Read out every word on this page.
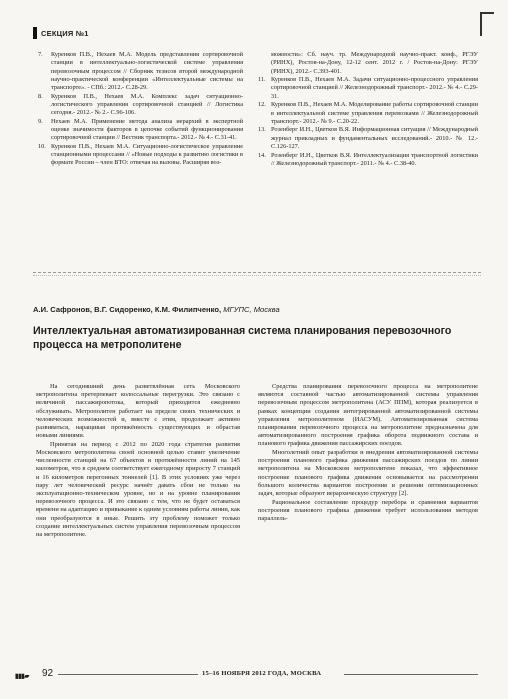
СЕКЦИЯ №1
7.	Куренков П.В., Нехаев М.А. Модель представления сортировочной станции в интеллектуально-логистической системе управления перевозочным процессом // Сборник тезисов второй международной научно-практической конференции «Интеллектуальные системы на транспорте». - СПб.: 2012.- С.28-29.
8.	Куренков П.В., Нехаев М.А. Комплекс задач ситуационно-логистического управления сортировочной станцией // Логистика сегодня.- 2012.- № 2.- С.96-106.
9.	Нехаев М.А. Применение метода анализа иерархий в экспертной оценке значимости факторов в цепочке событий функционирования сортировочной станции // Вестник транспорта.- 2012.- № 4.- С.31-41.
10. Куренков П.В., Нехаев М.А. Ситуационно-логистическое управление станционными процессами // «Новые подходы к развитию логистики в формате России – член ВТО: отвечая на вызовы. Расширяя воз-
можности»: Сб. науч. тр. Международной научно-практ. конф., РГЭУ (РИНХ), Ростов-на-Дону, 12-12 сент. 2012 г. / Ростов-на-Дону: РГЭУ (РИНХ), 2012.- С.393-401.
11. Куренков П.В., Нехаев М.А. Задачи ситуационно-процессного управления сортировочной станцией // Железнодорожный транспорт.- 2012.- № 4.- С.29-31.
12. Куренков П.В., Нехаев М.А. Моделирование работы сортировочной станции в интеллектуальной системе управления перевозками // Железнодорожный транспорт.- 2012.- № 9.- С.20-22.
13. Розенберг И.Н., Цветков В.Я. Информационная ситуация // Международный журнал прикладных и фундаментальных исследований.- 2010.- № 12.- С.126-127.
14. Розенберг И.Н., Цветков В.Я. Интеллектуализация транспортной логистики // Железнодорожный транспорт.- 2011.- № 4.- С.38-40.
А.И. Сафронов, В.Г. Сидоренко, К.М. Филипченко, МГУПС, Москва
Интеллектуальная автоматизированная система планирования перевозочного процесса на метрополитене

На сегодняшний день разветвлённая сеть Московского метрополитена претерпевает колоссальные перегрузки. Это связано с величиной пассажиропотока, который приходится ежедневно обслуживать. Метрополитен работает на пределе своих технических и человеческих возможностей и, вместе с этим, продолжает активно развиваться, наращивая протяжённость существующих и обрастая новыми линиями.

Принятая на период с 2012 по 2020 года стратегия развития Московского метрополитена своей основной целью ставит увеличение численности станций на 67 объектов и протяжённости линий на 145 километров, что в среднем соответствует ежегодному приросту 7 станций и 16 километров перегонных тоннелей [1]. В этих условиях уже через пару лет человеческий ресурс начнёт давать сбои не только на эксплуатационно-техническом уровне, но и на уровне планирования перевозочного процесса. И это связано с тем, что не будет оставаться времени на адаптацию и привыкание к одним условиям работы линии, как они преобразуются в иные. Решить эту проблему поможет только создание интеллектуальных систем управления перевозочным процессом на метрополитене.

Средства планирования перевозочного процесса на метрополитене являются составной частью автоматизированной системы управления перевозочным процессом метрополитена (АСУ ППМ), которая реализуется в рамках концепции создания интегрированной автоматизированной системы управления метрополитеном (ИАСУМ). Автоматизированная система планирования перевозочного процесса на метрополитене предназначена для автоматизированного построения графика оборота подвижного состава и планового графика движения пассажирских поездов.

Многолетний опыт разработки и внедрения автоматизированной системы построения планового графика движения пассажирских поездов по линии метрополитена на Московском метрополитене показал, что эффективное построение планового графика движения основывается на рассмотрении большого количества вариантов построения и решении оптимизационных задач, которые образуют иерархическую структуру [2].

Рациональное составление процедур перебора и сравнения вариантов построения планового графика движения требует использования методов параллель-

▮▮▮▰ 92	15–16 НОЯБРЯ 2012 ГОДА, МОСКВА
